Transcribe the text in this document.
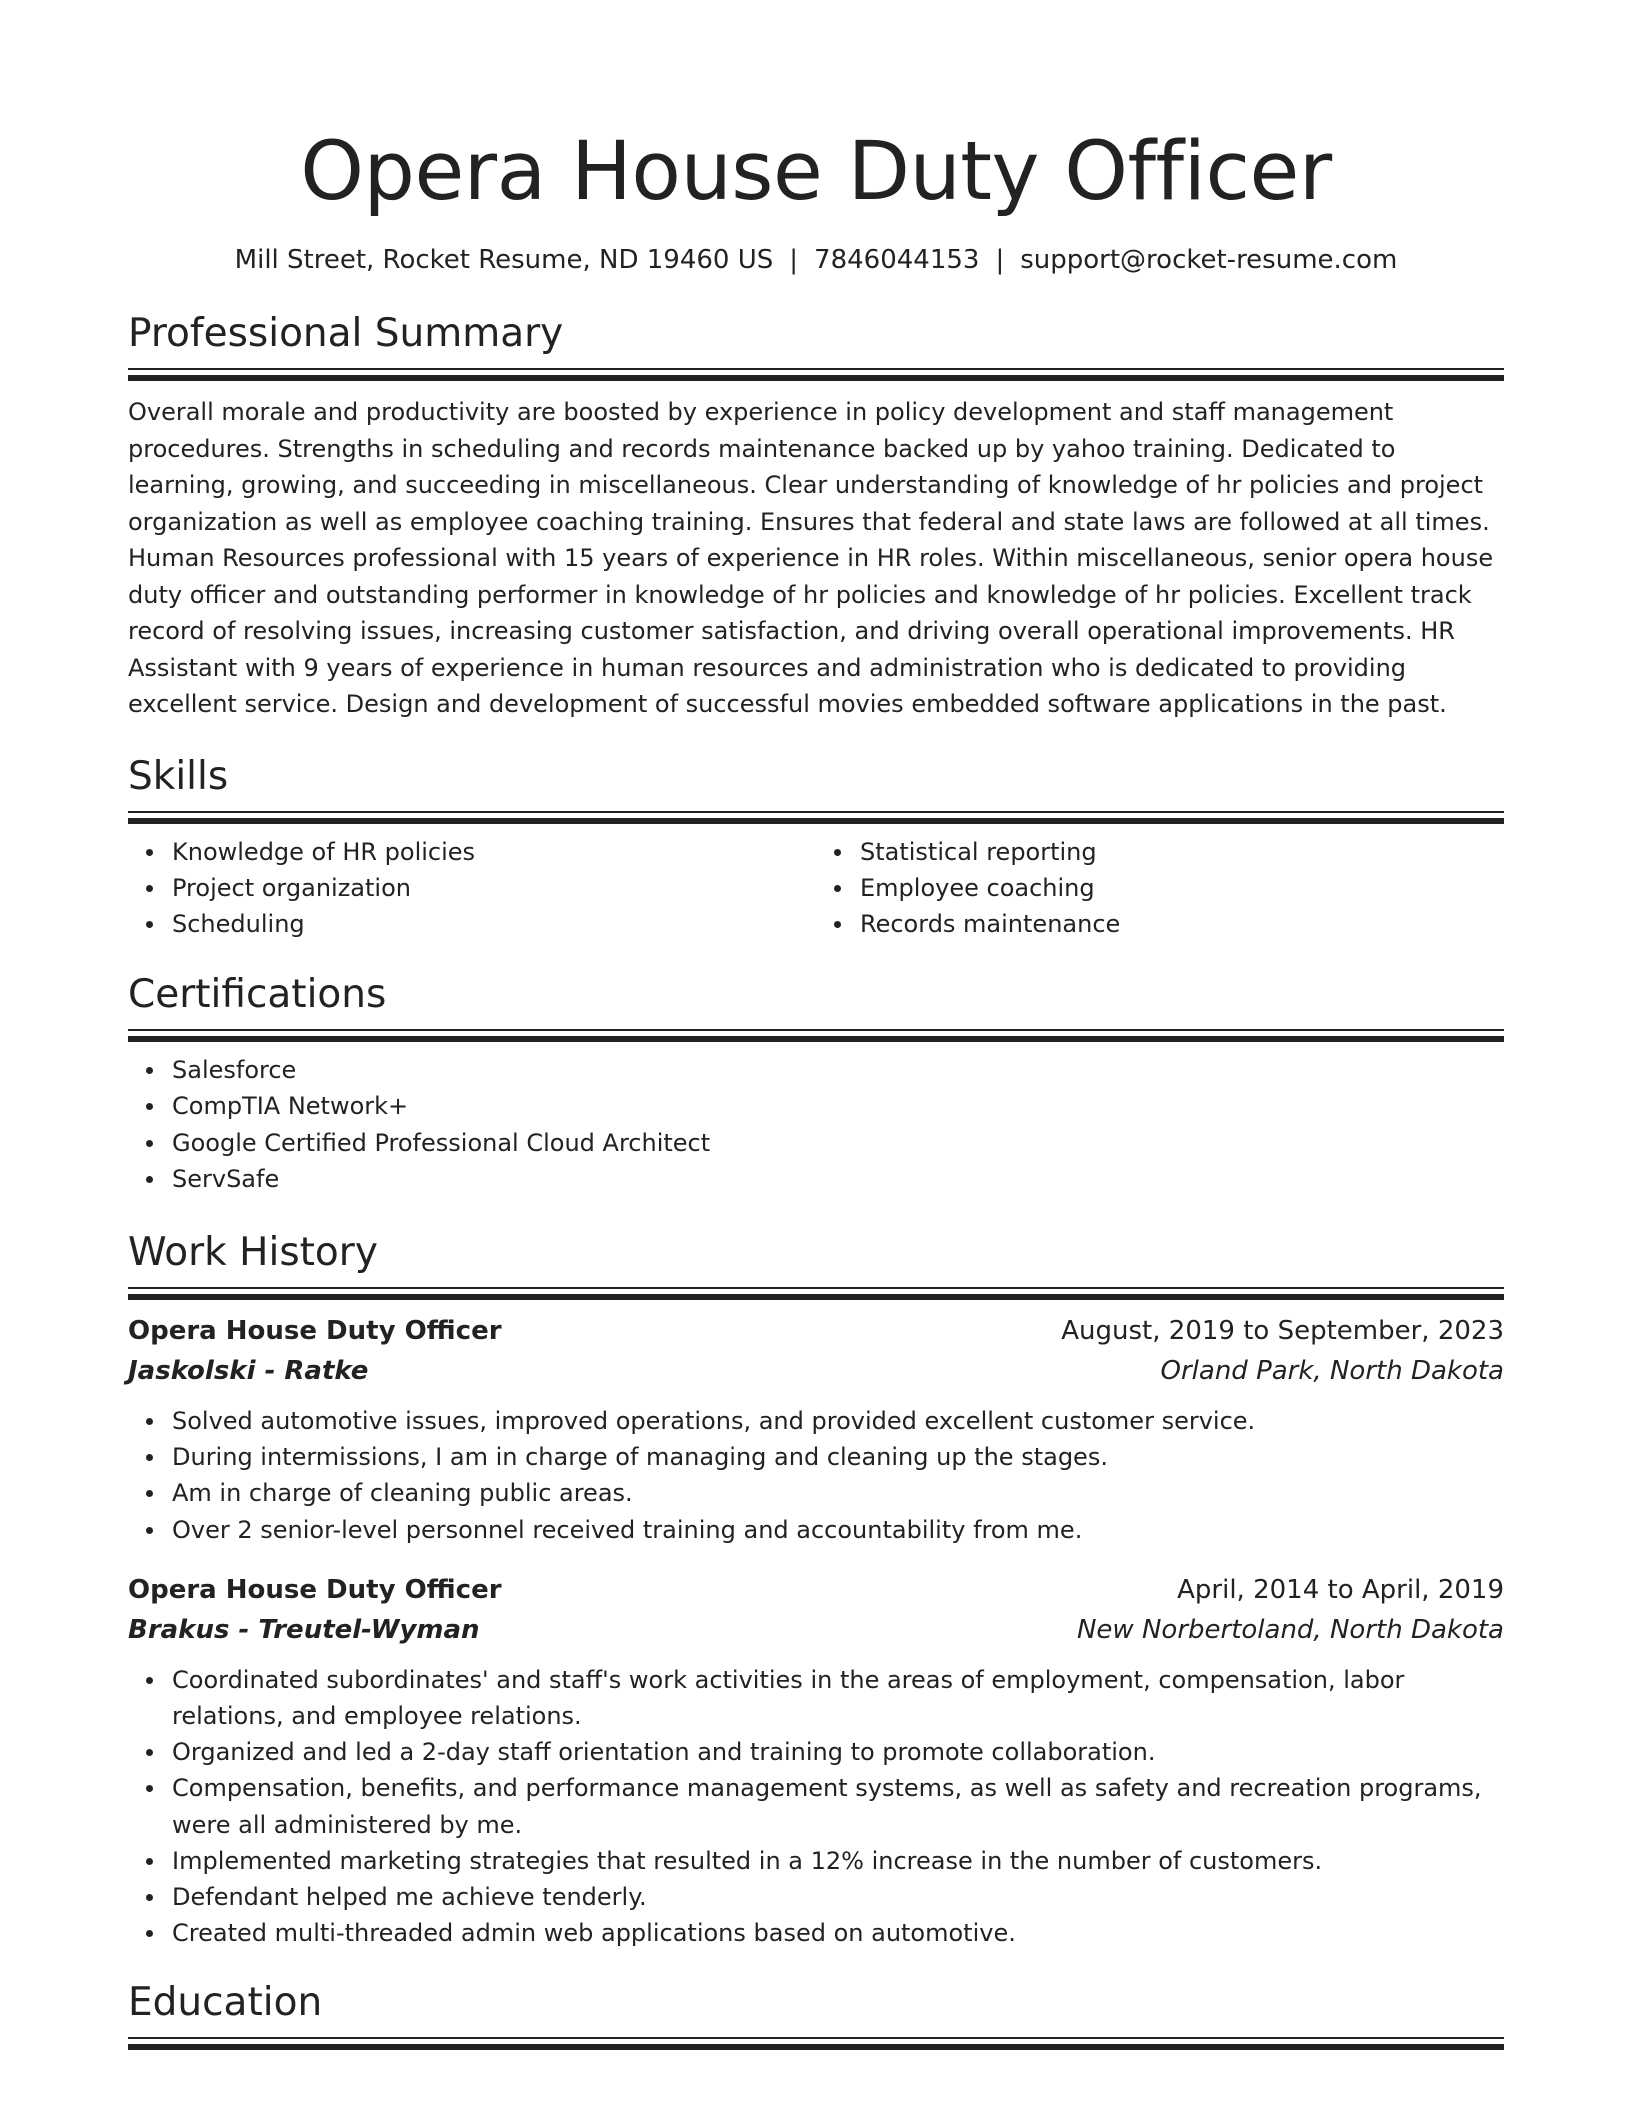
Opera House Duty Officer
Mill Street, Rocket Resume, ND 19460 US | 7846044153 | support@rocket-resume.com
Professional Summary

Overall morale and productivity are boosted by experience in policy development and staff management procedures. Strengths in scheduling and records maintenance backed up by yahoo training. Dedicated to learning, growing, and succeeding in miscellaneous. Clear understanding of knowledge of hr policies and project organization as well as employee coaching training. Ensures that federal and state laws are followed at all times. Human Resources professional with 15 years of experience in HR roles. Within miscellaneous, senior opera house duty officer and outstanding performer in knowledge of hr policies and knowledge of hr policies. Excellent track record of resolving issues, increasing customer satisfaction, and driving overall operational improvements. HR Assistant with 9 years of experience in human resources and administration who is dedicated to providing excellent service. Design and development of successful movies embedded software applications in the past.

Skills
Knowledge of HR policies
Project organization
Scheduling
Statistical reporting
Employee coaching
Records maintenance
Certifications
Salesforce
CompTIA Network+
Google Certified Professional Cloud Architect
ServSafe
Work History
Opera House Duty Officer	August, 2019 to September, 2023
Jaskolski - Ratke	Orland Park, North Dakota
Solved automotive issues, improved operations, and provided excellent customer service.
During intermissions, I am in charge of managing and cleaning up the stages.
Am in charge of cleaning public areas.
Over 2 senior-level personnel received training and accountability from me.
Opera House Duty Officer	April, 2014 to April, 2019
Brakus - Treutel-Wyman	New Norbertoland, North Dakota
Coordinated subordinates' and staff's work activities in the areas of employment, compensation, labor relations, and employee relations.
Organized and led a 2-day staff orientation and training to promote collaboration.
Compensation, benefits, and performance management systems, as well as safety and recreation programs, were all administered by me.
Implemented marketing strategies that resulted in a 12% increase in the number of customers.
Defendant helped me achieve tenderly.
Created multi-threaded admin web applications based on automotive.
Education
